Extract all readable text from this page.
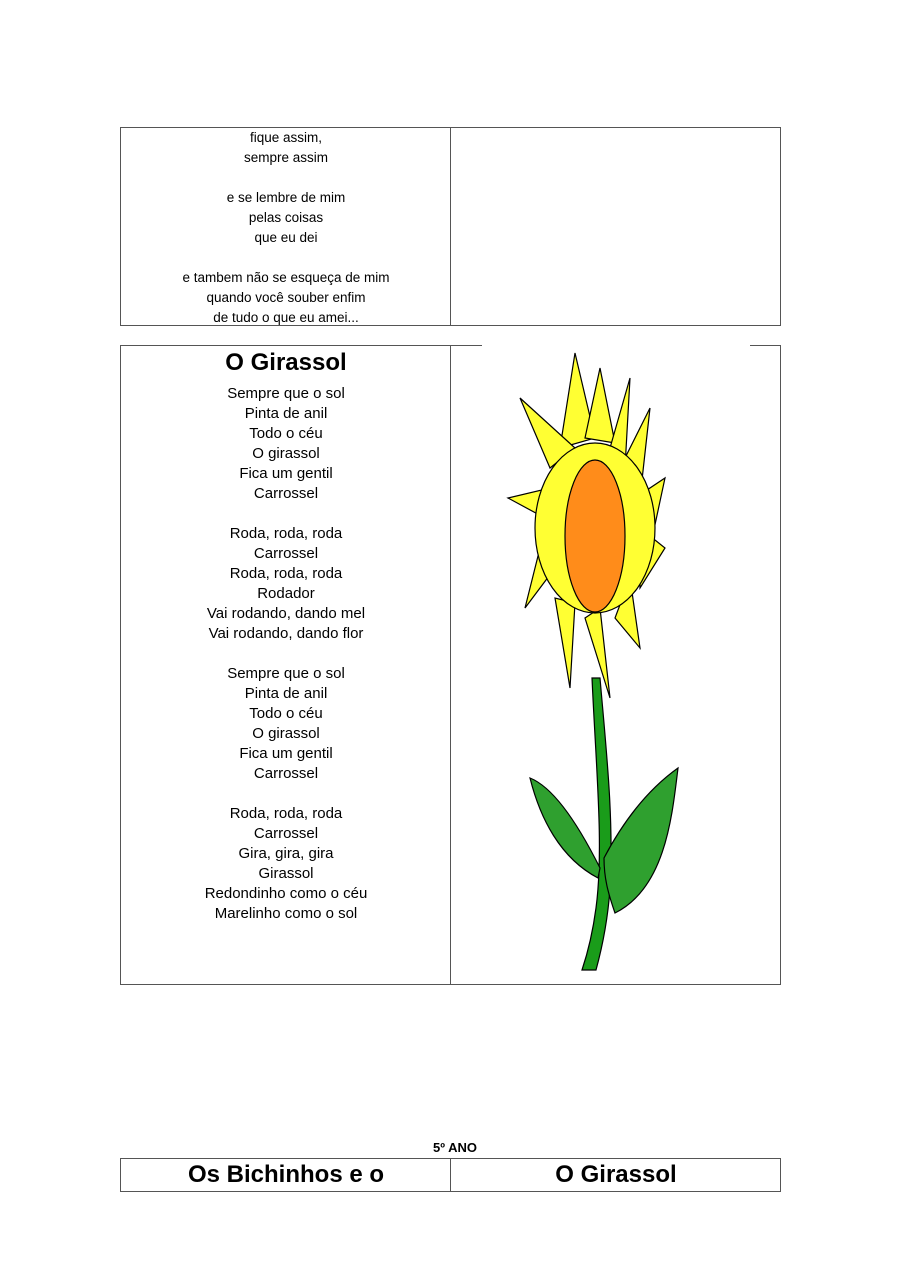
fique assim,
sempre assim
e se lembre de mim
pelas coisas
que eu dei
e tambem não se esqueça de mim
quando você souber enfim
de tudo o que eu amei...
O Girassol
Sempre que o sol
Pinta de anil
Todo o céu
O girassol
Fica um gentil
Carrossel
Roda, roda, roda
Carrossel
Roda, roda, roda
Rodador
Vai rodando, dando mel
Vai rodando, dando flor
Sempre que o sol
Pinta de anil
Todo o céu
O girassol
Fica um gentil
Carrossel
Roda, roda, roda
Carrossel
Gira, gira, gira
Girassol
Redondinho como o céu
Marelinho como o sol
5º ANO
Os Bichinhos e o	O Girassol
